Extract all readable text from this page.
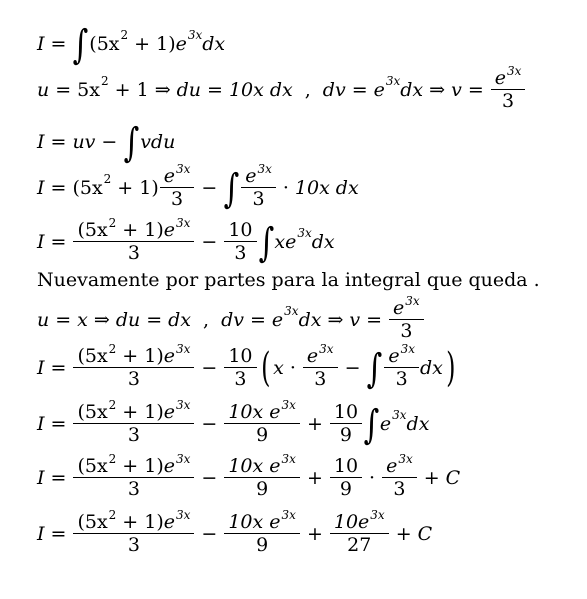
I = ∫ (5x 2 + 1) e 3x dx
u = 5x 2 + 1 ⇒ du = 10x dx , dv = e 3x dx ⇒ $v = \frac{e^{3x}}{3}$
I = uv − ∫ vdu
I = (5x $2 + 1) \frac{e^{3x}}{3}$ − ∫ $\frac{e^{3x}}{3} \cdot 10x$ dx
$I = \frac{(5x^2 + 1)e^{3x}}{3} - \frac{10}{3}$ ∫ xe 3x dx
Nuevamente por partes para la integral que queda .
u = x ⇒ du = dx , dv = e 3x dx ⇒ $v = \frac{e^{3x}}{3}$
$I = \frac{(5x^2 + 1)e^{3x}}{3} - \frac{10}{3}$ ( $x \cdot \frac{e^{3x}}{3}$ − ∫ $\frac{e^{3x}}{3}$ dx )
$I = \frac{(5x^2 + 1)e^{3x}}{3} - \frac{10x e^{3x}}{9} + \frac{10}{9}$ ∫ e 3x dx
$I = \frac{(5x^2 + 1)e^{3x}}{3} - \frac{10x e^{3x}}{9} + \frac{10}{9} \cdot \frac{e^{3x}}{3} + C$
$I = \frac{(5x^2 + 1)e^{3x}}{3} - \frac{10x e^{3x}}{9} + \frac{10e^{3x}}{27} + C$
